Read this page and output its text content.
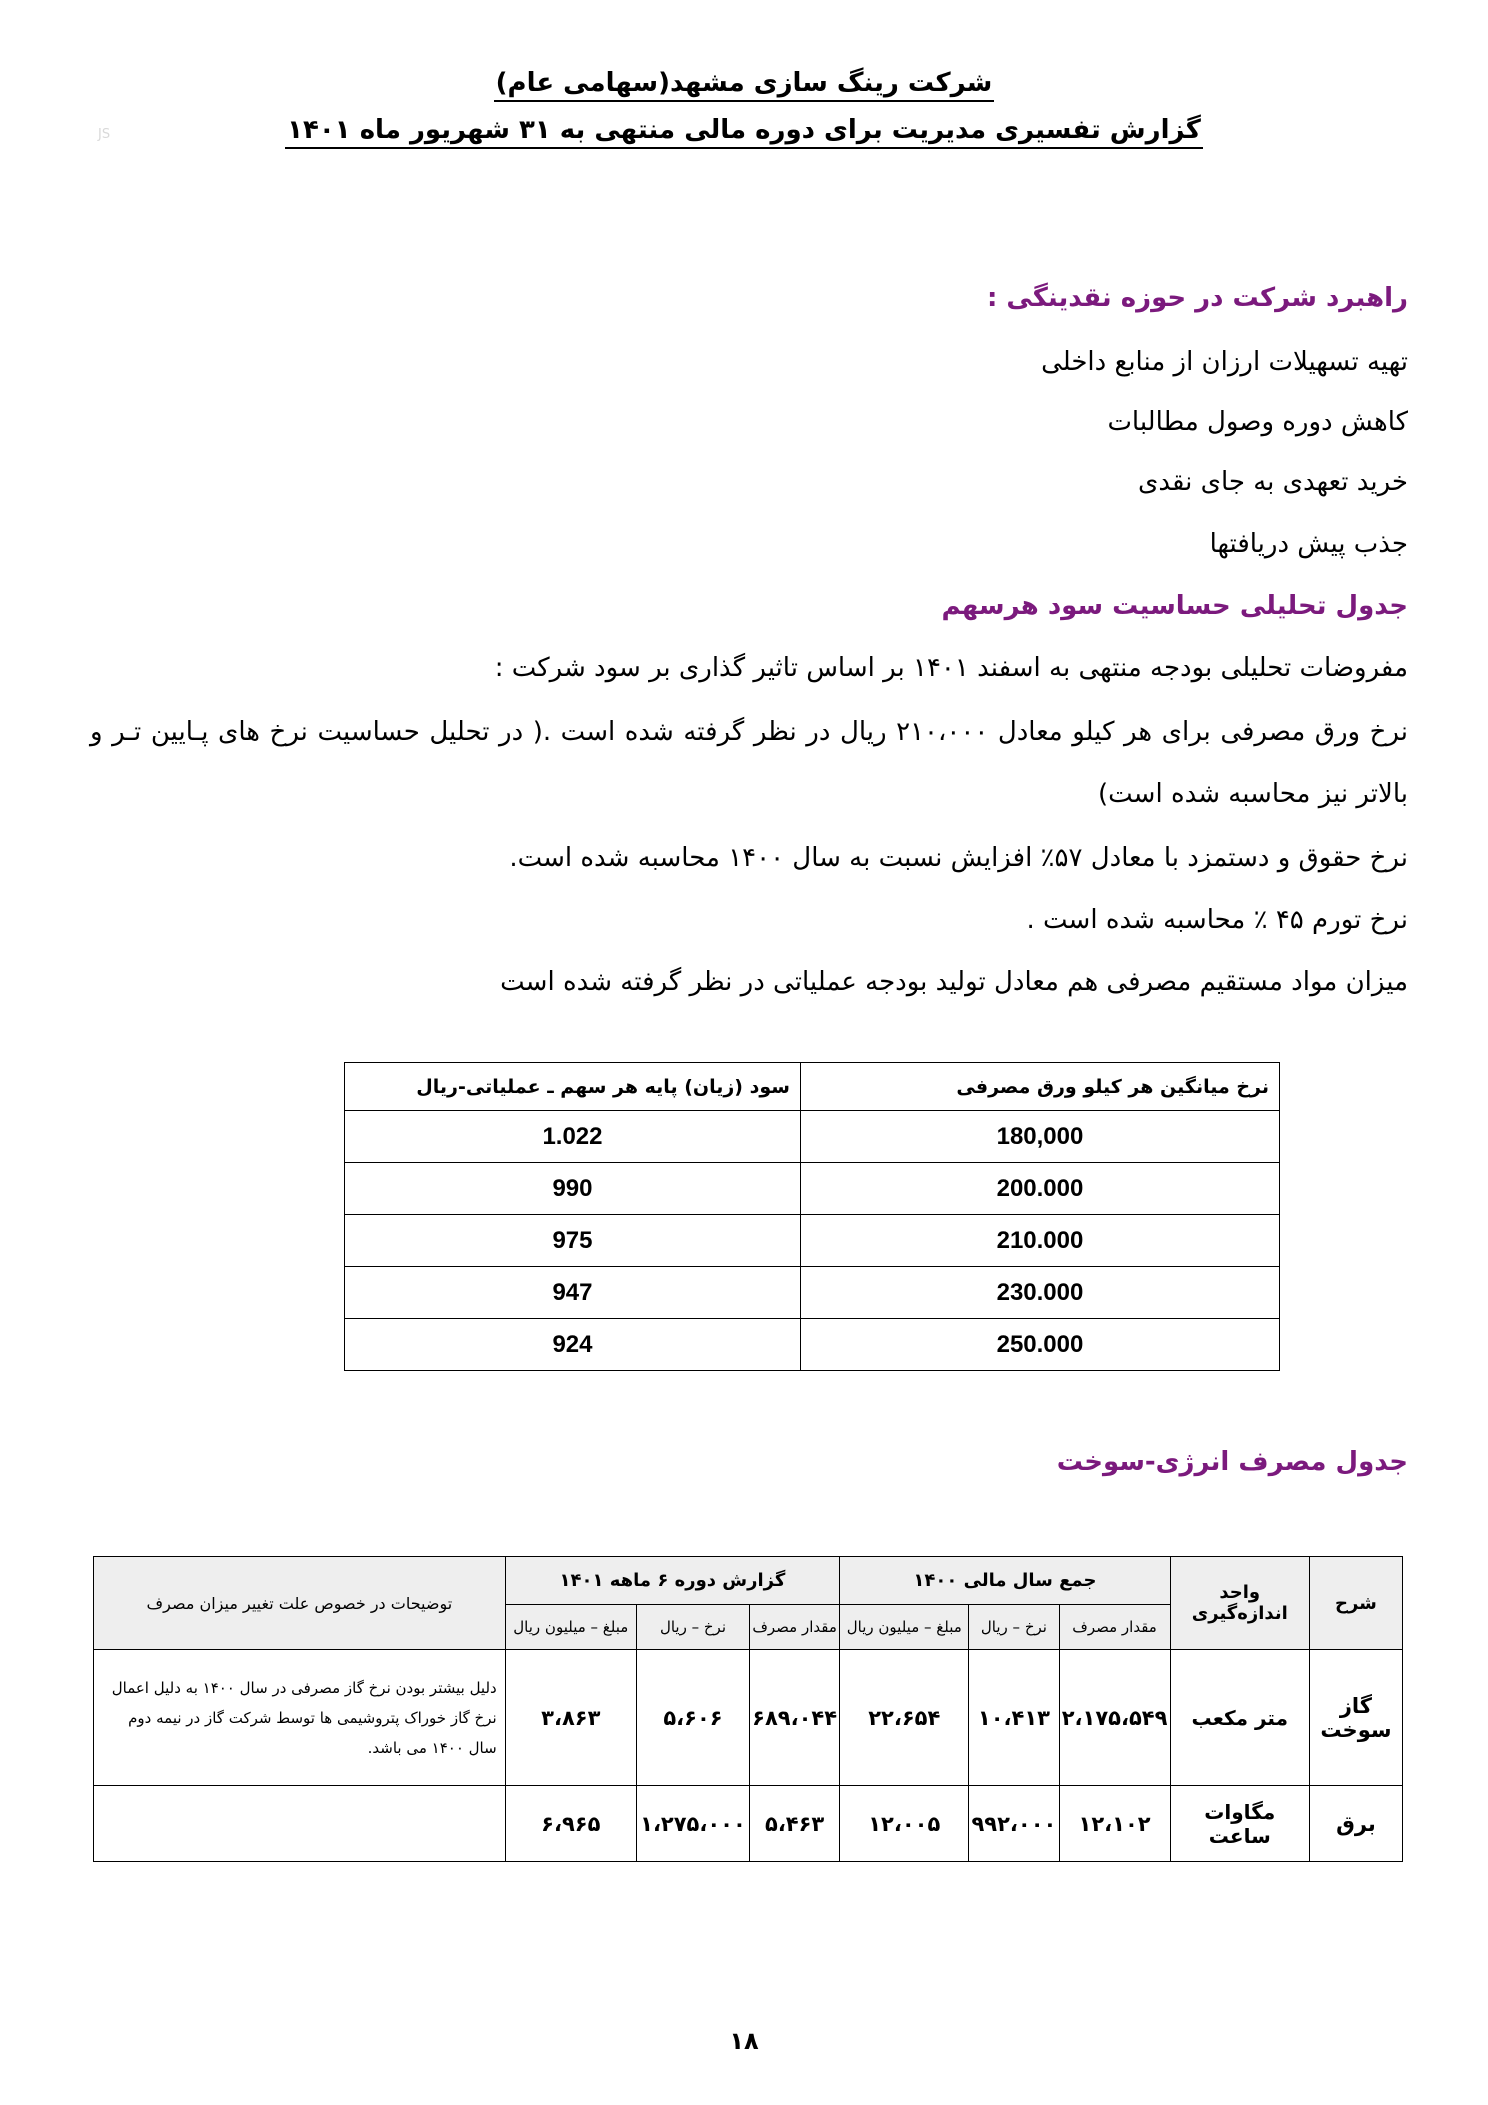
شرکت رینگ سازی مشهد(سهامی عام)
گزارش تفسیری مدیریت برای دوره مالی منتهی به ۳۱ شهریور ماه ۱۴۰۱
JS
راهبرد شرکت در حوزه نقدینگی :
تهیه تسهیلات ارزان از منابع داخلی
کاهش دوره وصول مطالبات
خرید تعهدی به جای نقدی
جذب پیش دریافتها
جدول تحلیلی حساسیت سود هرسهم
مفروضات تحلیلی بودجه منتهی به اسفند ۱۴۰۱ بر اساس تاثیر گذاری بر سود شرکت :
نرخ ورق مصرفی برای هر کیلو معادل ۲۱۰،۰۰۰ ریال در نظر گرفته شده است .( در تحلیل حساسیت نرخ های پـایین تـر و
بالاتر نیز محاسبه شده است)
نرخ حقوق و دستمزد با معادل ۵۷٪ افزایش نسبت به سال ۱۴۰۰ محاسبه شده است.
نرخ تورم ۴۵ ٪ محاسبه شده است .
میزان مواد مستقیم مصرفی هم معادل تولید بودجه عملیاتی در نظر گرفته شده است
نرخ میانگین هر کیلو ورق مصرفی	سود (زیان) پایه هر سهم ـ عملیاتی-ریال
180,000	1.022
200.000	990
210.000	975
230.000	947
250.000	924
جدول مصرف انرژی-سوخت
شرح	واحد اندازه‌گیری	جمع سال مالی ۱۴۰۰			گزارش دوره ۶ ماهه ۱۴۰۱			توضیحات در خصوص علت تغییر میزان مصرف
		مقدار مصرف	نرخ – ریال	مبلغ – میلیون ریال	مقدار مصرف	نرخ – ریال	مبلغ – میلیون ریال	
گاز سوخت	متر مکعب	۲،۱۷۵،۵۴۹	۱۰،۴۱۳	۲۲،۶۵۴	۶۸۹،۰۴۴	۵،۶۰۶	۳،۸۶۳	دلیل بیشتر بودن نرخ گاز مصرفی در سال ۱۴۰۰ به دلیل اعمال نرخ گاز خوراک پتروشیمی ها توسط شرکت گاز در نیمه دوم سال ۱۴۰۰ می باشد.
برق	مگاوات ساعت	۱۲،۱۰۲	۹۹۲،۰۰۰	۱۲،۰۰۵	۵،۴۶۳	۱،۲۷۵،۰۰۰	۶،۹۶۵	
۱۸
